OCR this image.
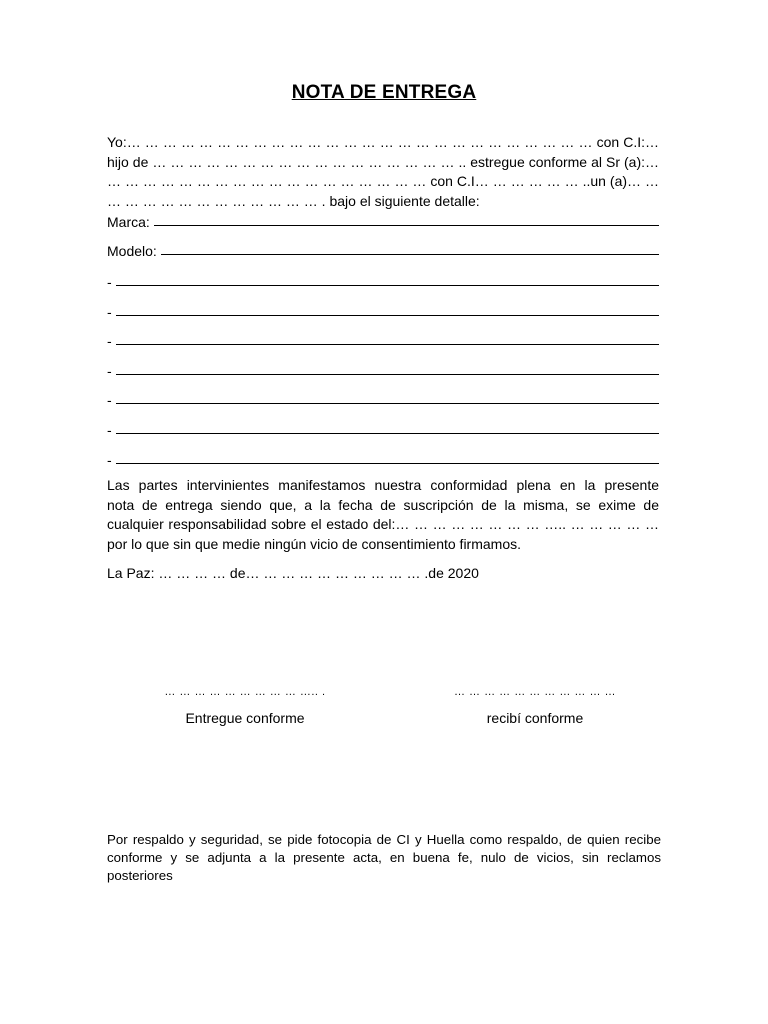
NOTA DE ENTREGA
Yo:… … … … … … … … … … … … … … … … … … … … … … … … … … con C.I:…
hijo de … … … … … … … … … … … … … … … … … .. estregue conforme al Sr (a):…
… … … … … … … … … … … … … … … … … … con C.I… … … … … … ..un (a)… …
… … … … … … … … … … … … . bajo el siguiente detalle:
Marca:
Modelo:
-
-
-
-
-
-
-
Las partes intervinientes manifestamos nuestra conformidad plena en la presente
nota de entrega siendo que, a la fecha de suscripción de la misma, se exime de
cualquier responsabilidad sobre el estado del:… … … … … … … … ….. … … … … …
por lo que sin que medie ningún vicio de consentimiento firmamos.
La Paz: … … … … de… … … … … … … … … … .de 2020
… … … … … … … … … ….. .
Entregue conforme
… … … … … … … … … … …
recibí conforme
Por respaldo y seguridad, se pide fotocopia de CI y Huella como respaldo, de quien recibe
conforme y se adjunta a la presente acta, en buena fe, nulo de vicios, sin reclamos
posteriores
